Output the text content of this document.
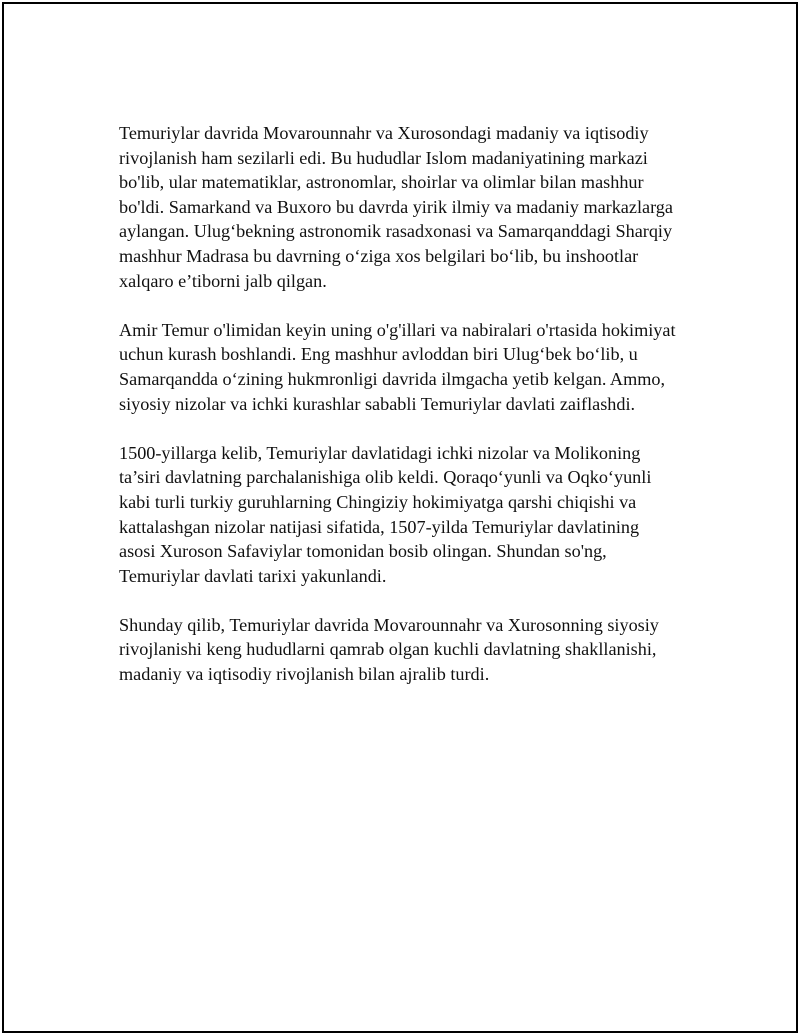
Temuriylar davrida Movarounnahr va Xurosondagi madaniy va iqtisodiy
rivojlanish ham sezilarli edi. Bu hududlar Islom madaniyatining markazi
bo'lib, ular matematiklar, astronomlar, shoirlar va olimlar bilan mashhur
bo'ldi. Samarkand va Buxoro bu davrda yirik ilmiy va madaniy markazlarga
aylangan. Ulug‘bekning astronomik rasadxonasi va Samarqanddagi Sharqiy
mashhur Madrasa bu davrning o‘ziga xos belgilari bo‘lib, bu inshootlar
xalqaro e’tiborni jalb qilgan.

Amir Temur o'limidan keyin uning o'g'illari va nabiralari o'rtasida hokimiyat
uchun kurash boshlandi. Eng mashhur avloddan biri Ulug‘bek bo‘lib, u
Samarqandda o‘zining hukmronligi davrida ilmgacha yetib kelgan. Ammo,
siyosiy nizolar va ichki kurashlar sababli Temuriylar davlati zaiflashdi.

1500-yillarga kelib, Temuriylar davlatidagi ichki nizolar va Molikoning
ta’siri davlatning parchalanishiga olib keldi. Qoraqo‘yunli va Oqko‘yunli
kabi turli turkiy guruhlarning Chingiziy hokimiyatga qarshi chiqishi va
kattalashgan nizolar natijasi sifatida, 1507-yilda Temuriylar davlatining
asosi Xuroson Safaviylar tomonidan bosib olingan. Shundan so'ng,
Temuriylar davlati tarixi yakunlandi.

Shunday qilib, Temuriylar davrida Movarounnahr va Xurosonning siyosiy
rivojlanishi keng hududlarni qamrab olgan kuchli davlatning shakllanishi,
madaniy va iqtisodiy rivojlanish bilan ajralib turdi.
